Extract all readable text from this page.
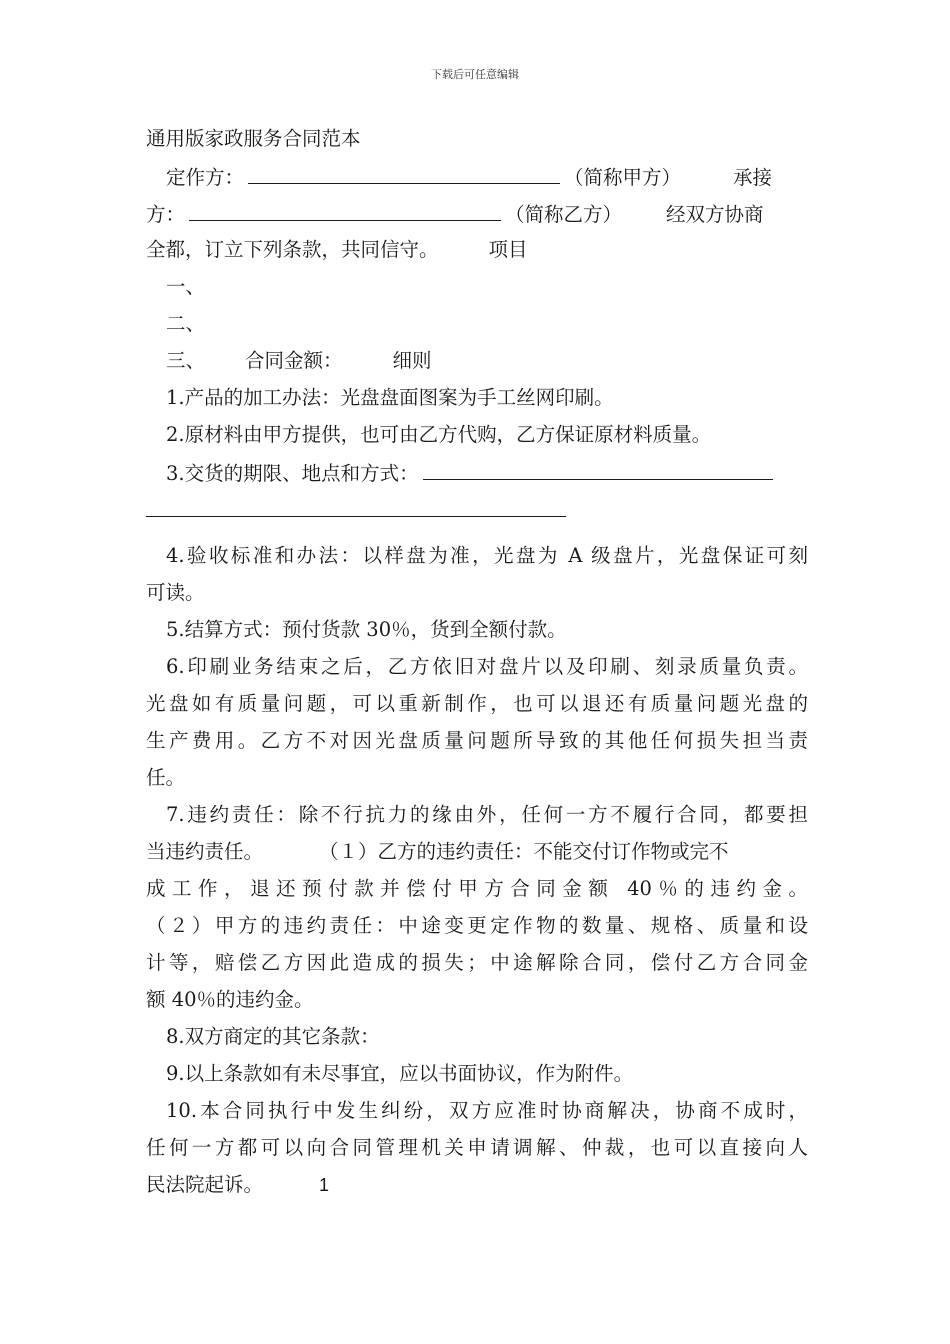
下载后可任意编辑
通用版家政服务合同范本
定作方：	（简称甲方）	承接
方：	（简称乙方） 经双方协商
全都，订立下列条款，共同信守。	项目
一、
二、
三、 合同金额：	细则
1.产品的加工办法：光盘盘面图案为手工丝网印刷。
2.原材料由甲方提供，也可由乙方代购，乙方保证原材料质量。
3.交货的期限、地点和方式：
4.验收标准和办法：以样盘为准，光盘为 A 级盘片，光盘保证可刻
可读。
5.结算方式：预付货款 30％，货到全额付款。
6.印刷业务结束之后，乙方依旧对盘片以及印刷、刻录质量负责。
光盘如有质量问题，可以重新制作，也可以退还有质量问题光盘的
生产费用。乙方不对因光盘质量问题所导致的其他任何损失担当责
任。
7.违约责任：除不行抗力的缘由外，任何一方不履行合同，都要担
当违约责任。	（１）乙方的违约责任：不能交付订作物或完不
成工作，退还预付款并偿付甲方合同金额 40％的违约金。
（２）甲方的违约责任：中途变更定作物的数量、规格、质量和设
计等，赔偿乙方因此造成的损失；中途解除合同，偿付乙方合同金
额 40％的违约金。
8.双方商定的其它条款：
9.以上条款如有未尽事宜，应以书面协议，作为附件。
10.本合同执行中发生纠纷，双方应准时协商解决，协商不成时，
任何一方都可以向合同管理机关申请调解、仲裁，也可以直接向人
民法院起诉。	1
